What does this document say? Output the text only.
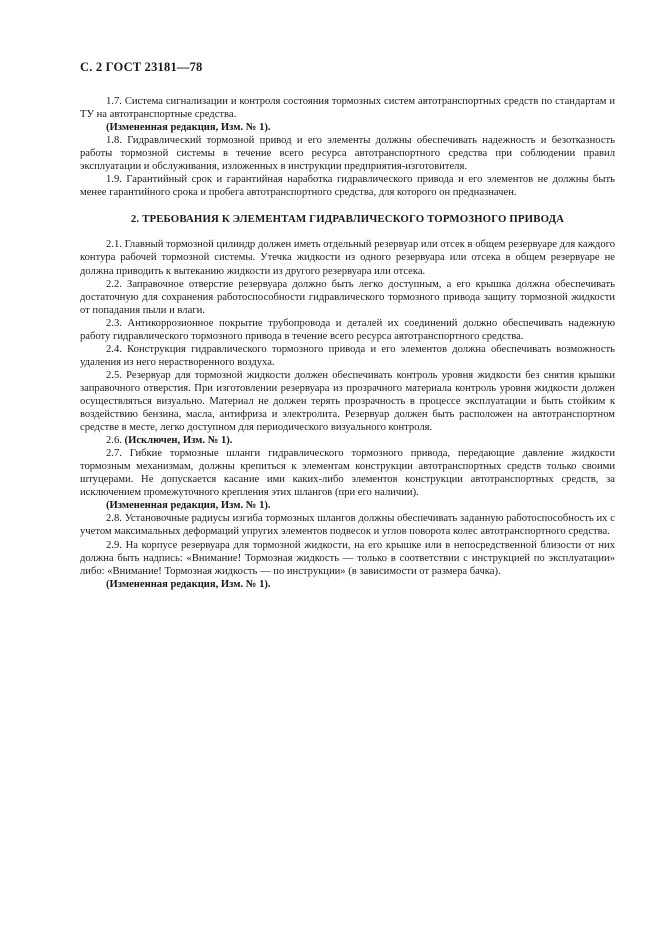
С. 2 ГОСТ 23181—78

1.7. Система сигнализации и контроля состояния тормозных систем автотранспортных средств по стандартам и ТУ на автотранспортные средства.

(Измененная редакция, Изм. № 1).

1.8. Гидравлический тормозной привод и его элементы должны обеспечивать надежность и безотказность работы тормозной системы в течение всего ресурса автотранспортного средства при соблюдении правил эксплуатации и обслуживания, изложенных в инструкции предприятия-изготовителя.

1.9. Гарантийный срок и гарантийная наработка гидравлического привода и его элементов не должны быть менее гарантийного срока и пробега автотранспортного средства, для которого он предназначен.

2. ТРЕБОВАНИЯ К ЭЛЕМЕНТАМ ГИДРАВЛИЧЕСКОГО ТОРМОЗНОГО ПРИВОДА

2.1. Главный тормозной цилиндр должен иметь отдельный резервуар или отсек в общем резервуаре для каждого контура рабочей тормозной системы. Утечка жидкости из одного резервуара или отсека в общем резервуаре не должна приводить к вытеканию жидкости из другого резервуара или отсека.

2.2. Заправочное отверстие резервуара должно быть легко доступным, а его крышка должна обеспечивать достаточную для сохранения работоспособности гидравлического тормозного привода защиту тормозной жидкости от попадания пыли и влаги.

2.3. Антикоррозионное покрытие трубопровода и деталей их соединений должно обеспечивать надежную работу гидравлического тормозного привода в течение всего ресурса автотранспортного средства.

2.4. Конструкция гидравлического тормозного привода и его элементов должна обеспечивать возможность удаления из него нерастворенного воздуха.

2.5. Резервуар для тормозной жидкости должен обеспечивать контроль уровня жидкости без снятия крышки заправочного отверстия. При изготовлении резервуара из прозрачного материала контроль уровня жидкости должен осуществляться визуально. Материал не должен терять прозрачность в процессе эксплуатации и быть стойким к воздействию бензина, масла, антифриза и электролита. Резервуар должен быть расположен на автотранспортном средстве в месте, легко доступном для периодического визуального контроля.

2.6. (Исключен, Изм. № 1).

2.7. Гибкие тормозные шланги гидравлического тормозного привода, передающие давление жидкости тормозным механизмам, должны крепиться к элементам конструкции автотранспортных средств только своими штуцерами. Не допускается касание ими каких-либо элементов конструкции автотранспортных средств, за исключением промежуточного крепления этих шлангов (при его наличии).

(Измененная редакция, Изм. № 1).

2.8. Установочные радиусы изгиба тормозных шлангов должны обеспечивать заданную работоспособность их с учетом максимальных деформаций упругих элементов подвесок и углов поворота колес автотранспортного средства.

2.9. На корпусе резервуара для тормозной жидкости, на его крышке или в непосредственной близости от них должна быть надпись: «Внимание! Тормозная жидкость — только в соответствии с инструкцией по эксплуатации» либо: «Внимание! Тормозная жидкость — по инструкции» (в зависимости от размера бачка).

(Измененная редакция, Изм. № 1).
